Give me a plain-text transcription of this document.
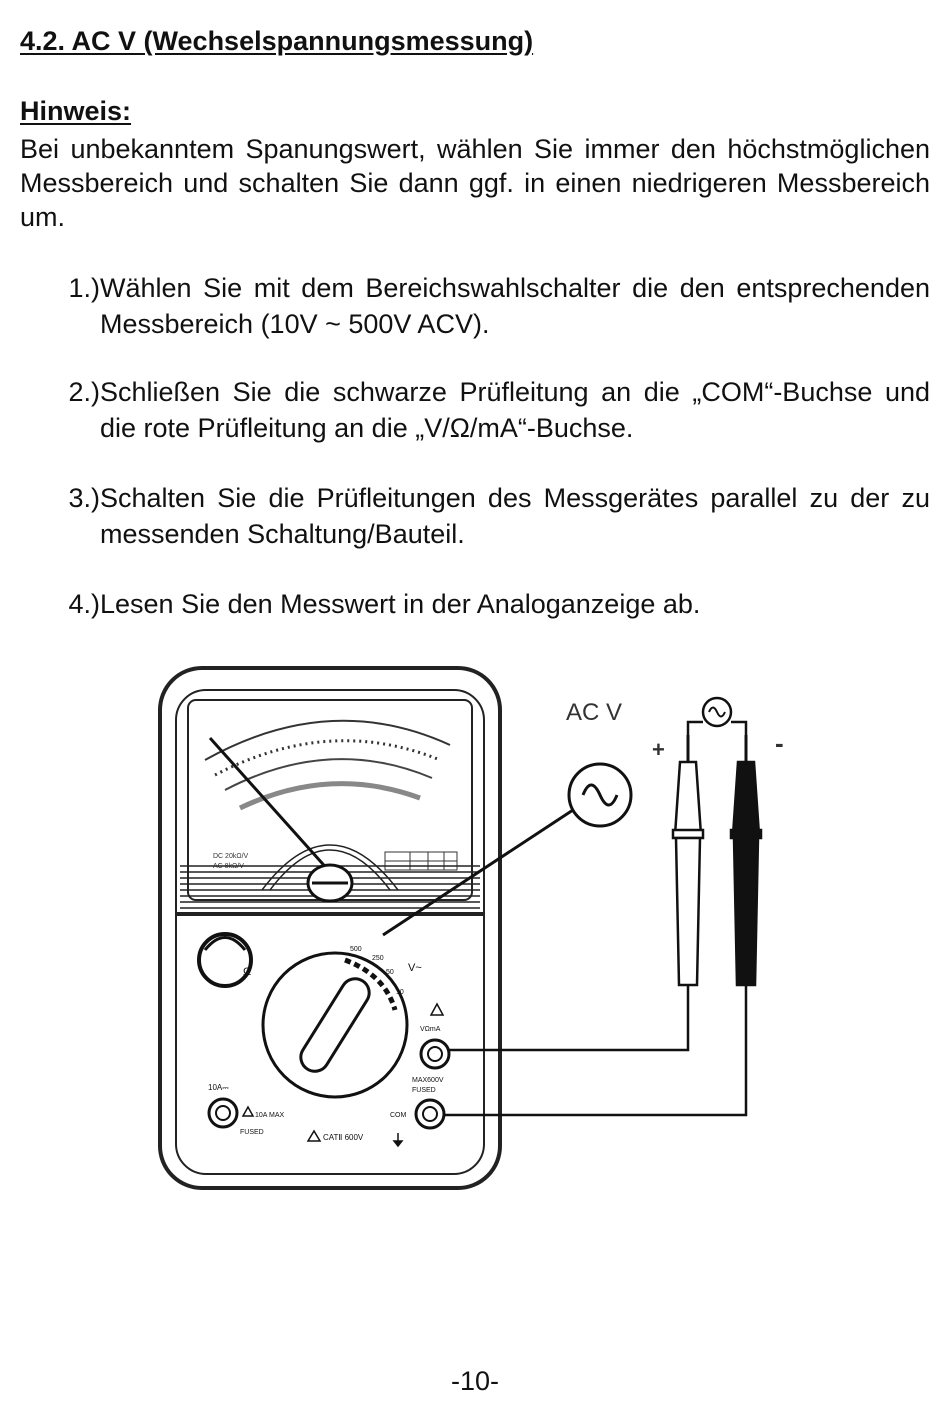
4.2. AC V (Wechselspannungsmessung)
Hinweis:

Bei unbekanntem Spanungswert, wählen Sie immer den höchstmöglichen Messbereich und schalten Sie dann ggf. in einen niedrigeren Messbereich um.

1.) Wählen Sie mit dem Bereichswahlschalter die den entsprechenden Messbereich (10V ~ 500V ACV).
2.) Schließen Sie die schwarze Prüfleitung an die „COM“-Buchse und die rote Prüfleitung an die „V/Ω/mA“-Buchse.
3.) Schalten Sie die Prüfleitungen des Messgerätes parallel zu der zu messenden Schaltung/Bauteil.
4.) Lesen Sie den Messwert in der Analoganzeige ab.
DC 20kΩ/V
AC 8kΩ/V
Ω
500
250
50
10
V~
VΩmA
MAX600V
FUSED
COM
10A⎓
10A MAX
FUSED
CATⅡ 600V
AC V
+	-
-10-
